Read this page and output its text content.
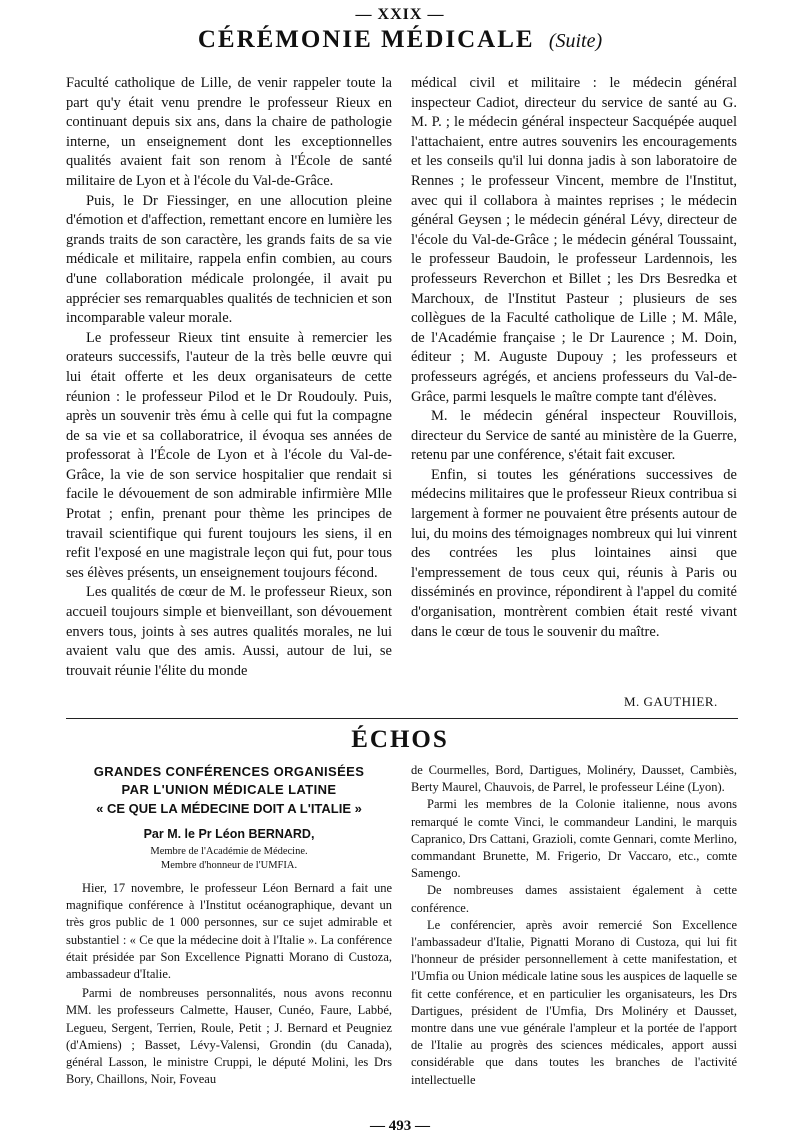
— XXIX —
CÉRÉMONIE MÉDICALE (Suite)

Faculté catholique de Lille, de venir rappeler toute la part qu'y était venu prendre le professeur Rieux en continuant depuis six ans, dans la chaire de pathologie interne, un enseignement dont les exceptionnelles qualités avaient fait son renom à l'École de santé militaire de Lyon et à l'école du Val-de-Grâce.

Puis, le Dr Fiessinger, en une allocution pleine d'émotion et d'affection, remettant encore en lumière les grands traits de son caractère, les grands faits de sa vie médicale et militaire, rappela enfin combien, au cours d'une collaboration médicale prolongée, il avait pu apprécier ses remarquables qualités de technicien et son incomparable valeur morale.

Le professeur Rieux tint ensuite à remercier les orateurs successifs, l'auteur de la très belle œuvre qui lui était offerte et les deux organisateurs de cette réunion : le professeur Pilod et le Dr Roudouly. Puis, après un souvenir très ému à celle qui fut la compagne de sa vie et sa collaboratrice, il évoqua ses années de professorat à l'École de Lyon et à l'école du Val-de-Grâce, la vie de son service hospitalier que rendait si facile le dévouement de son admirable infirmière Mlle Protat ; enfin, prenant pour thème les principes de travail scientifique qui furent toujours les siens, il en refit l'exposé en une magistrale leçon qui fut, pour tous ses élèves présents, un enseignement toujours fécond.

Les qualités de cœur de M. le professeur Rieux, son accueil toujours simple et bienveillant, son dévouement envers tous, joints à ses autres qualités morales, ne lui avaient valu que des amis. Aussi, autour de lui, se trouvait réunie l'élite du monde

médical civil et militaire : le médecin général inspecteur Cadiot, directeur du service de santé au G. M. P. ; le médecin général inspecteur Sacquépée auquel l'attachaient, entre autres souvenirs les encouragements et les conseils qu'il lui donna jadis à son laboratoire de Rennes ; le professeur Vincent, membre de l'Institut, avec qui il collabora à maintes reprises ; le médecin général Geysen ; le médecin général Lévy, directeur de l'école du Val-de-Grâce ; le médecin général Toussaint, le professeur Baudoin, le professeur Lardennois, les professeurs Reverchon et Billet ; les Drs Besredka et Marchoux, de l'Institut Pasteur ; plusieurs de ses collègues de la Faculté catholique de Lille ; M. Mâle, de l'Académie française ; le Dr Laurence ; M. Doin, éditeur ; M. Auguste Dupouy ; les professeurs et professeurs agrégés, et anciens professeurs du Val-de-Grâce, parmi lesquels le maître compte tant d'élèves.

M. le médecin général inspecteur Rouvillois, directeur du Service de santé au ministère de la Guerre, retenu par une conférence, s'était fait excuser.

Enfin, si toutes les générations successives de médecins militaires que le professeur Rieux contribua si largement à former ne pouvaient être présents autour de lui, du moins des témoignages nombreux qui lui vinrent des contrées les plus lointaines ainsi que l'empressement de tous ceux qui, réunis à Paris ou disséminés en province, répondirent à l'appel du comité d'organisation, montrèrent combien était resté vivant dans le cœur de tous le souvenir du maître.

M. GAUTHIER.
ÉCHOS
GRANDES CONFÉRENCES ORGANISÉES
PAR L'UNION MÉDICALE LATINE
« CE QUE LA MÉDECINE DOIT A L'ITALIE »
Par M. le Pr Léon BERNARD,
Membre de l'Académie de Médecine.
Membre d'honneur de l'UMFIA.

Hier, 17 novembre, le professeur Léon Bernard a fait une magnifique conférence à l'Institut océanographique, devant un très gros public de 1 000 personnes, sur ce sujet admirable et substantiel : « Ce que la médecine doit à l'Italie ». La conférence était présidée par Son Excellence Pignatti Morano di Custoza, ambassadeur d'Italie.

Parmi de nombreuses personnalités, nous avons reconnu MM. les professeurs Calmette, Hauser, Cunéo, Faure, Labbé, Legueu, Sergent, Terrien, Roule, Petit ; J. Bernard et Peugniez (d'Amiens) ; Basset, Lévy-Valensi, Grondin (du Canada), général Lasson, le ministre Cruppi, le député Molini, les Drs Bory, Chaillons, Noir, Foveau

de Courmelles, Bord, Dartigues, Molinéry, Dausset, Cambiès, Berty Maurel, Chauvois, de Parrel, le professeur Léine (Lyon).

Parmi les membres de la Colonie italienne, nous avons remarqué le comte Vinci, le commandeur Landini, le marquis Capranico, Drs Cattani, Grazioli, comte Gennari, comte Merlino, commandant Brunette, M. Frigerio, Dr Vaccaro, etc., comte Samengo.

De nombreuses dames assistaient également à cette conférence.

Le conférencier, après avoir remercié Son Excellence l'ambassadeur d'Italie, Pignatti Morano di Custoza, qui lui fit l'honneur de présider personnellement à cette manifestation, et l'Umfia ou Union médicale latine sous les auspices de laquelle se fit cette conférence, et en particulier les organisateurs, les Drs Dartigues, président de l'Umfia, Drs Molinéry et Dausset, montre dans une vue générale l'ampleur et la portée de l'apport de l'Italie au progrès des sciences médicales, apport aussi considérable que dans toutes les branches de l'activité intellectuelle

— 493 —
